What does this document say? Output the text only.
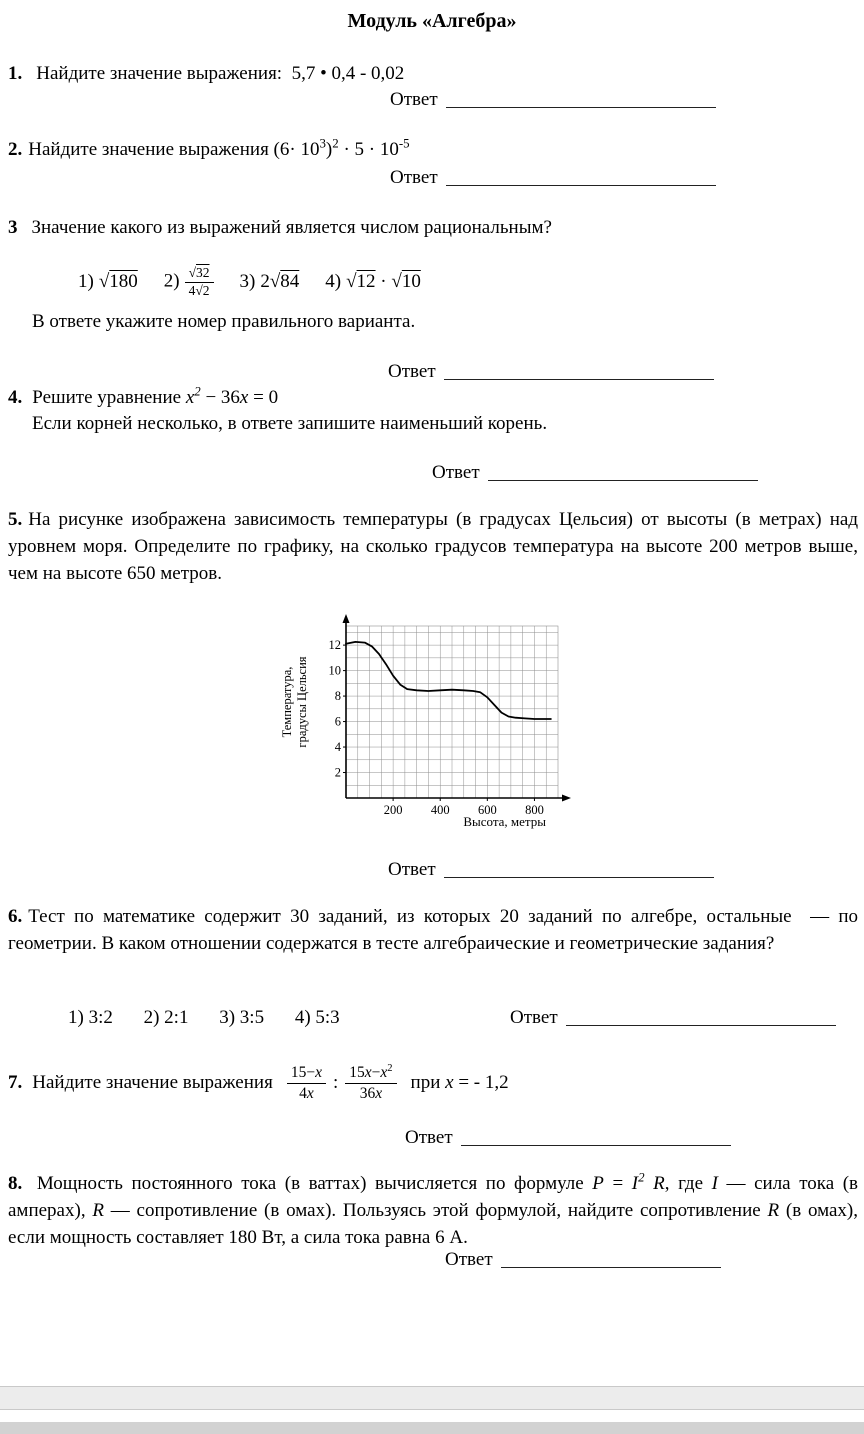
Модуль «Алгебра»
1. Найдите значение выражения:  5,7 • 0,4 - 0,02
Ответ
2. Найдите значение выражения $(6\cdot 10^3)^2 \cdot 5 \cdot 10^{-5}$
Ответ
3 Значение какого из выражений является числом рациональным?
1) √180 $2) \frac{√32}{4√2} 3$) 2√84 4) √12 · √10
В ответе укажите номер правильного варианта.
Ответ
4. Решите уравнение $x^2 - 36x = 0$
Если корней несколько, в ответе запишите наименьший корень.
Ответ
5. На рисунке изображена зависимость температуры (в градусах Цельсия) от высоты (в метрах) над уровнем моря. Определите по графику, на сколько градусов температура на высоте 200 метров выше, чем на высоте 650 метров.
Температура,
градусы Цельсия
2
4
6
8
10
12
200 400 600 800
Высота, метры
Ответ
6. Тест по математике содержит 30 заданий, из которых 20 заданий по алгебре, остальные  — по геометрии. В каком отношении содержатся в тесте алгебраические и геометрические задания?
1) 3:2 2) 2:1 3) 3:5 4) 5:3	Ответ
7. Найдите значение выражения $\frac{15-x}{4x}$ : $\frac{15x-x^2}{36x}$ при x = - 1,2
Ответ
8. Мощность постоянного тока (в ваттах) вычисляется по формуле $P = I^2$ R, где I — сила тока (в амперах), R — сопротивление (в омах). Пользуясь этой формулой, найдите сопротивление R (в омах), если мощность составляет 180 Вт, а сила тока равна 6 А.
Ответ
